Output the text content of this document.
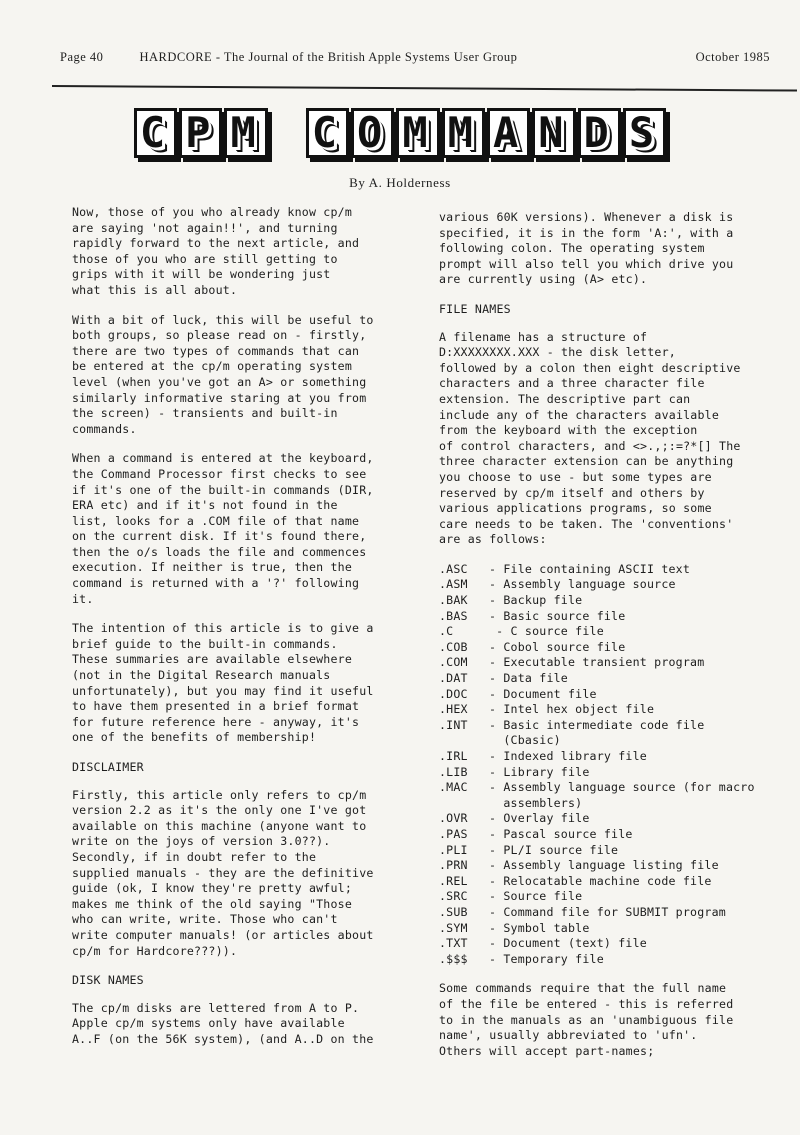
Page 40	HARDCORE - The Journal of the British Apple Systems User Group	October 1985
C P M C O M M A N D S
By A. Holderness

Now, those of you who already know cp/m
are saying 'not again!!', and turning
rapidly forward to the next article, and
those of you who are still getting to
grips with it will be wondering just
what this is all about.

With a bit of luck, this will be useful to
both groups, so please read on - firstly,
there are two types of commands that can
be entered at the cp/m operating system
level (when you've got an A> or something
similarly informative staring at you from
the screen) - transients and built-in
commands.

When a command is entered at the keyboard,
the Command Processor first checks to see
if it's one of the built-in commands (DIR,
ERA etc) and if it's not found in the
list, looks for a .COM file of that name
on the current disk. If it's found there,
then the o/s loads the file and commences
execution. If neither is true, then the
command is returned with a '?' following
it.

The intention of this article is to give a
brief guide to the built-in commands.
These summaries are available elsewhere
(not in the Digital Research manuals
unfortunately), but you may find it useful
to have them presented in a brief format
for future reference here - anyway, it's
one of the benefits of membership!

DISCLAIMER

Firstly, this article only refers to cp/m
version 2.2 as it's the only one I've got
available on this machine (anyone want to
write on the joys of version 3.0??).
Secondly, if in doubt refer to the
supplied manuals - they are the definitive
guide (ok, I know they're pretty awful;
makes me think of the old saying "Those
who can write, write. Those who can't
write computer manuals! (or articles about
cp/m for Hardcore???)).

DISK NAMES

The cp/m disks are lettered from A to P.
Apple cp/m systems only have available
A..F (on the 56K system), (and A..D on the

various 60K versions). Whenever a disk is
specified, it is in the form 'A:', with a
following colon. The operating system
prompt will also tell you which drive you
are currently using (A> etc).

FILE NAMES

A filename has a structure of
D:XXXXXXXX.XXX - the disk letter,
followed by a colon then eight descriptive
characters and a three character file
extension. The descriptive part can
include any of the characters available
from the keyboard with the exception
of control characters, and <>.,;:=?*[] The
three character extension can be anything
you choose to use - but some types are
reserved by cp/m itself and others by
various applications programs, so some
care needs to be taken. The 'conventions'
are as follows:

.ASC	- File containing ASCII text
.ASM	- Assembly language source
.BAK	- Backup file
.BAS	- Basic source file
.C	- C source file
.COB	- Cobol source file
.COM	- Executable transient program
.DAT	- Data file
.DOC	- Document file
.HEX	- Intel hex object file
.INT	- Basic intermediate code file
(Cbasic)
.IRL	- Indexed library file
.LIB	- Library file
.MAC	- Assembly language source (for macro
assemblers)
.OVR	- Overlay file
.PAS	- Pascal source file
.PLI	- PL/I source file
.PRN	- Assembly language listing file
.REL	- Relocatable machine code file
.SRC	- Source file
.SUB	- Command file for SUBMIT program
.SYM	- Symbol table
.TXT	- Document (text) file
.$$$	- Temporary file

Some commands require that the full name
of the file be entered - this is referred
to in the manuals as an 'unambiguous file
name', usually abbreviated to 'ufn'.
Others will accept part-names;
